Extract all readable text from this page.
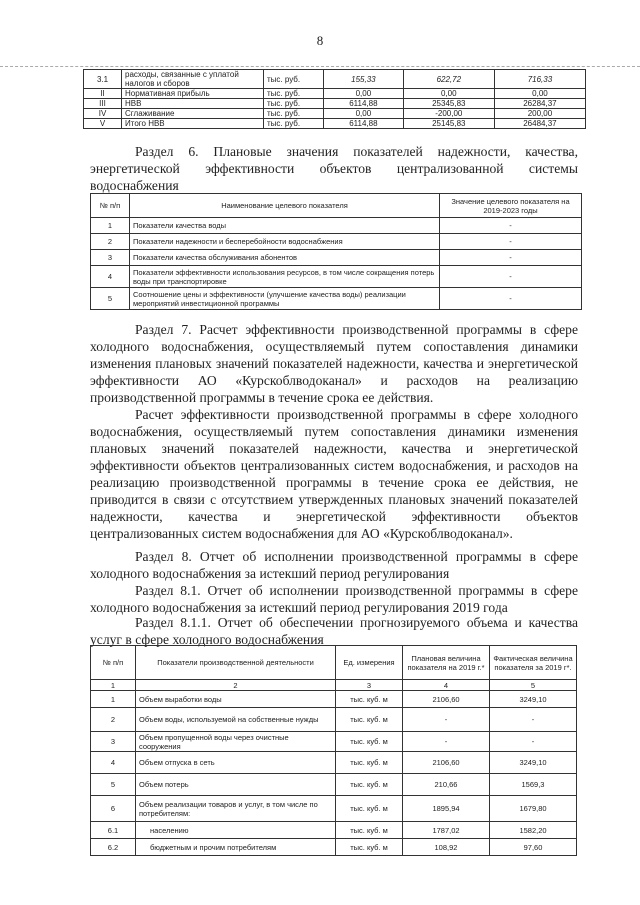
8
3.1	расходы, связанные с уплатой налогов и сборов	тыс. руб.	155,33	622,72	716,33
II	Нормативная прибыль	тыс. руб.	0,00	0,00	0,00
III	НВВ	тыс. руб.	6114,88	25345,83	26284,37
IV	Сглаживание	тыс. руб.	0,00	-200,00	200,00
V	Итого НВВ	тыс. руб.	6114,88	25145,83	26484,37
Раздел 6. Плановые значения показателей надежности, качества, энергетической эффективности объектов централизованной системы водоснабжения
№ п/п	Наименование целевого показателя	Значение целевого показателя на 2019-2023 годы
1	Показатели качества воды	-
2	Показатели надежности и бесперебойности водоснабжения	-
3	Показатели качества обслуживания абонентов	-
4	Показатели эффективности использования ресурсов, в том числе сокращения потерь воды при транспортировке	-
5	Соотношение цены и эффективности (улучшение качества воды) реализации мероприятий инвестиционной программы	-
Раздел 7. Расчет эффективности производственной программы в сфере холодного водоснабжения, осуществляемый путем сопоставления динамики изменения плановых значений показателей надежности, качества и энергетической эффективности АО «Курскоблводоканал» и расходов на реализацию производственной программы в течение срока ее действия.
Расчет эффективности производственной программы в сфере холодного водоснабжения, осуществляемый путем сопоставления динамики изменения плановых значений показателей надежности, качества и энергетической эффективности объектов централизованных систем водоснабжения, и расходов на реализацию производственной программы в течение срока ее действия, не приводится в связи с отсутствием утвержденных плановых значений показателей надежности, качества и энергетической эффективности объектов централизованных систем водоснабжения для АО «Курскоблводоканал».
Раздел 8. Отчет об исполнении производственной программы в сфере холодного водоснабжения за истекший период регулирования
Раздел 8.1. Отчет об исполнении производственной программы в сфере холодного водоснабжения за истекший период регулирования 2019 года
Раздел 8.1.1. Отчет об обеспечении прогнозируемого объема и качества услуг в сфере холодного водоснабжения
№ п/п	Показатели производственной деятельности	Ед. измерения	Плановая величина показателя на 2019 г.*	Фактическая величина показателя за 2019 г*.
1	2	3	4	5
1	Объем выработки воды	тыс. куб. м	2106,60	3249,10
2	Объем воды, используемой на собственные нужды	тыс. куб. м	-	-
3	Объем пропущенной воды через очистные сооружения	тыс. куб. м	-	-
4	Объем отпуска в сеть	тыс. куб. м	2106,60	3249,10
5	Объем потерь	тыс. куб. м	210,66	1569,3
6	Объем реализации товаров и услуг, в том числе по потребителям:	тыс. куб. м	1895,94	1679,80
6.1	населению	тыс. куб. м	1787,02	1582,20
6.2	бюджетным и прочим потребителям	тыс. куб. м	108,92	97,60
